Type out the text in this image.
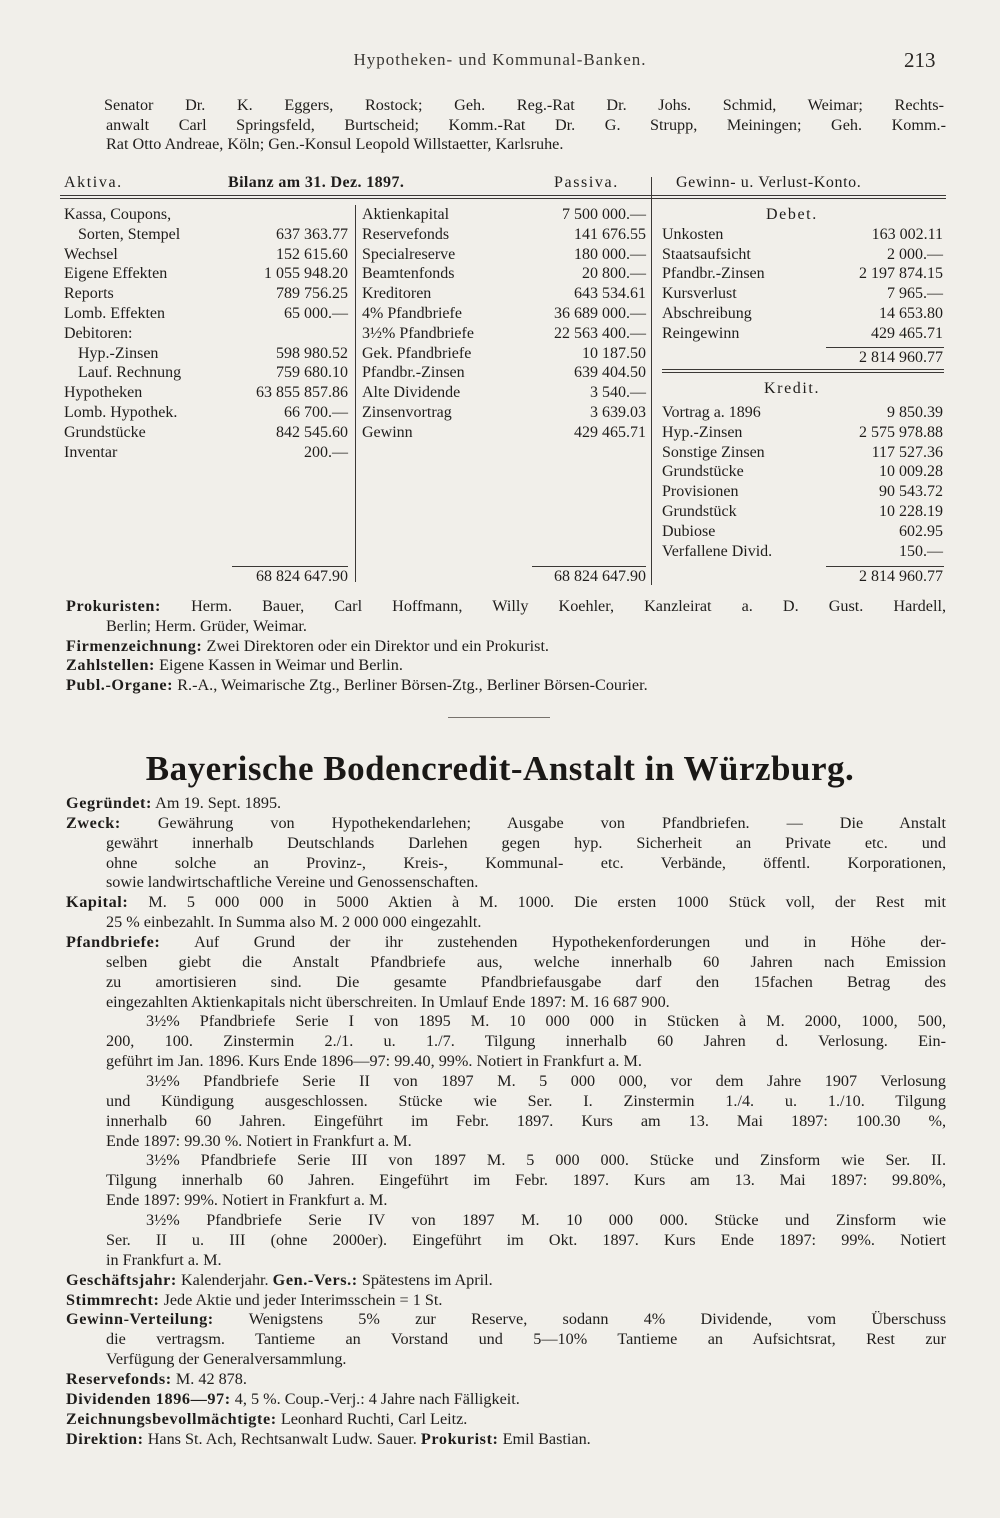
Hypotheken- und Kommunal-Banken.	213
Senator Dr. K. Eggers, Rostock; Geh. Reg.-Rat Dr. Johs. Schmid, Weimar; Rechts-
anwalt Carl Springsfeld, Burtscheid; Komm.-Rat Dr. G. Strupp, Meiningen; Geh. Komm.-
Rat Otto Andreae, Köln; Gen.-Konsul Leopold Willstaetter, Karlsruhe.
Aktiva.	Bilanz am 31. Dez. 1897.	Passiva.	Gewinn- u. Verlust-Konto.
Kassa, Coupons,
Sorten, Stempel	637 363.77
Wechsel	152 615.60
Eigene Effekten	1 055 948.20
Reports	789 756.25
Lomb. Effekten	65 000.—
Debitoren:
Hyp.-Zinsen	598 980.52
Lauf. Rechnung	759 680.10
Hypotheken	63 855 857.86
Lomb. Hypothek.	66 700.—
Grundstücke	842 545.60
Inventar	200.—
Aktienkapital	7 500 000.—
Reservefonds	141 676.55
Specialreserve	180 000.—
Beamtenfonds	20 800.—
Kreditoren	643 534.61
4% Pfandbriefe	36 689 000.—
3½% Pfandbriefe	22 563 400.—
Gek. Pfandbriefe	10 187.50
Pfandbr.-Zinsen	639 404.50
Alte Dividende	3 540.—
Zinsenvortrag	3 639.03
Gewinn	429 465.71
68 824 647.90	68 824 647.90
Debet.
Unkosten	163 002.11
Staatsaufsicht	2 000.—
Pfandbr.-Zinsen	2 197 874.15
Kursverlust	7 965.—
Abschreibung	14 653.80
Reingewinn	429 465.71
2 814 960.77
Kredit.
Vortrag a. 1896	9 850.39
Hyp.-Zinsen	2 575 978.88
Sonstige Zinsen	117 527.36
Grundstücke	10 009.28
Provisionen	90 543.72
Grundstück	10 228.19
Dubiose	602.95
Verfallene Divid.	150.—
2 814 960.77
Prokuristen: Herm. Bauer, Carl Hoffmann, Willy Koehler, Kanzleirat a. D. Gust. Hardell,
Berlin; Herm. Grüder, Weimar.
Firmenzeichnung: Zwei Direktoren oder ein Direktor und ein Prokurist.
Zahlstellen: Eigene Kassen in Weimar und Berlin.
Publ.-Organe: R.-A., Weimarische Ztg., Berliner Börsen-Ztg., Berliner Börsen-Courier.
Bayerische Bodencredit-Anstalt in Würzburg.
Gegründet: Am 19. Sept. 1895.
Zweck: Gewährung von Hypothekendarlehen; Ausgabe von Pfandbriefen. — Die Anstalt
gewährt innerhalb Deutschlands Darlehen gegen hyp. Sicherheit an Private etc. und
ohne solche an Provinz-, Kreis-, Kommunal- etc. Verbände, öffentl. Korporationen,
sowie landwirtschaftliche Vereine und Genossenschaften.
Kapital: M. 5 000 000 in 5000 Aktien à M. 1000. Die ersten 1000 Stück voll, der Rest mit
25 % einbezahlt. In Summa also M. 2 000 000 eingezahlt.
Pfandbriefe: Auf Grund der ihr zustehenden Hypothekenforderungen und in Höhe der-
selben giebt die Anstalt Pfandbriefe aus, welche innerhalb 60 Jahren nach Emission
zu amortisieren sind. Die gesamte Pfandbriefausgabe darf den 15fachen Betrag des
eingezahlten Aktienkapitals nicht überschreiten. In Umlauf Ende 1897: M. 16 687 900.
3½% Pfandbriefe Serie I von 1895 M. 10 000 000 in Stücken à M. 2000, 1000, 500,
200, 100. Zinstermin 2./1. u. 1./7. Tilgung innerhalb 60 Jahren d. Verlosung. Ein-
geführt im Jan. 1896. Kurs Ende 1896—97: 99.40, 99%. Notiert in Frankfurt a. M.
3½% Pfandbriefe Serie II von 1897 M. 5 000 000, vor dem Jahre 1907 Verlosung
und Kündigung ausgeschlossen. Stücke wie Ser. I. Zinstermin 1./4. u. 1./10. Tilgung
innerhalb 60 Jahren. Eingeführt im Febr. 1897. Kurs am 13. Mai 1897: 100.30 %,
Ende 1897: 99.30 %. Notiert in Frankfurt a. M.
3½% Pfandbriefe Serie III von 1897 M. 5 000 000. Stücke und Zinsform wie Ser. II.
Tilgung innerhalb 60 Jahren. Eingeführt im Febr. 1897. Kurs am 13. Mai 1897: 99.80%,
Ende 1897: 99%. Notiert in Frankfurt a. M.
3½% Pfandbriefe Serie IV von 1897 M. 10 000 000. Stücke und Zinsform wie
Ser. II u. III (ohne 2000er). Eingeführt im Okt. 1897. Kurs Ende 1897: 99%. Notiert
in Frankfurt a. M.
Geschäftsjahr: Kalenderjahr. Gen.-Vers.: Spätestens im April.
Stimmrecht: Jede Aktie und jeder Interimsschein = 1 St.
Gewinn-Verteilung: Wenigstens 5% zur Reserve, sodann 4% Dividende, vom Überschuss
die vertragsm. Tantieme an Vorstand und 5—10% Tantieme an Aufsichtsrat, Rest zur
Verfügung der Generalversammlung.
Reservefonds: M. 42 878.
Dividenden 1896—97: 4, 5 %. Coup.-Verj.: 4 Jahre nach Fälligkeit.
Zeichnungsbevollmächtigte: Leonhard Ruchti, Carl Leitz.
Direktion: Hans St. Ach, Rechtsanwalt Ludw. Sauer. Prokurist: Emil Bastian.
